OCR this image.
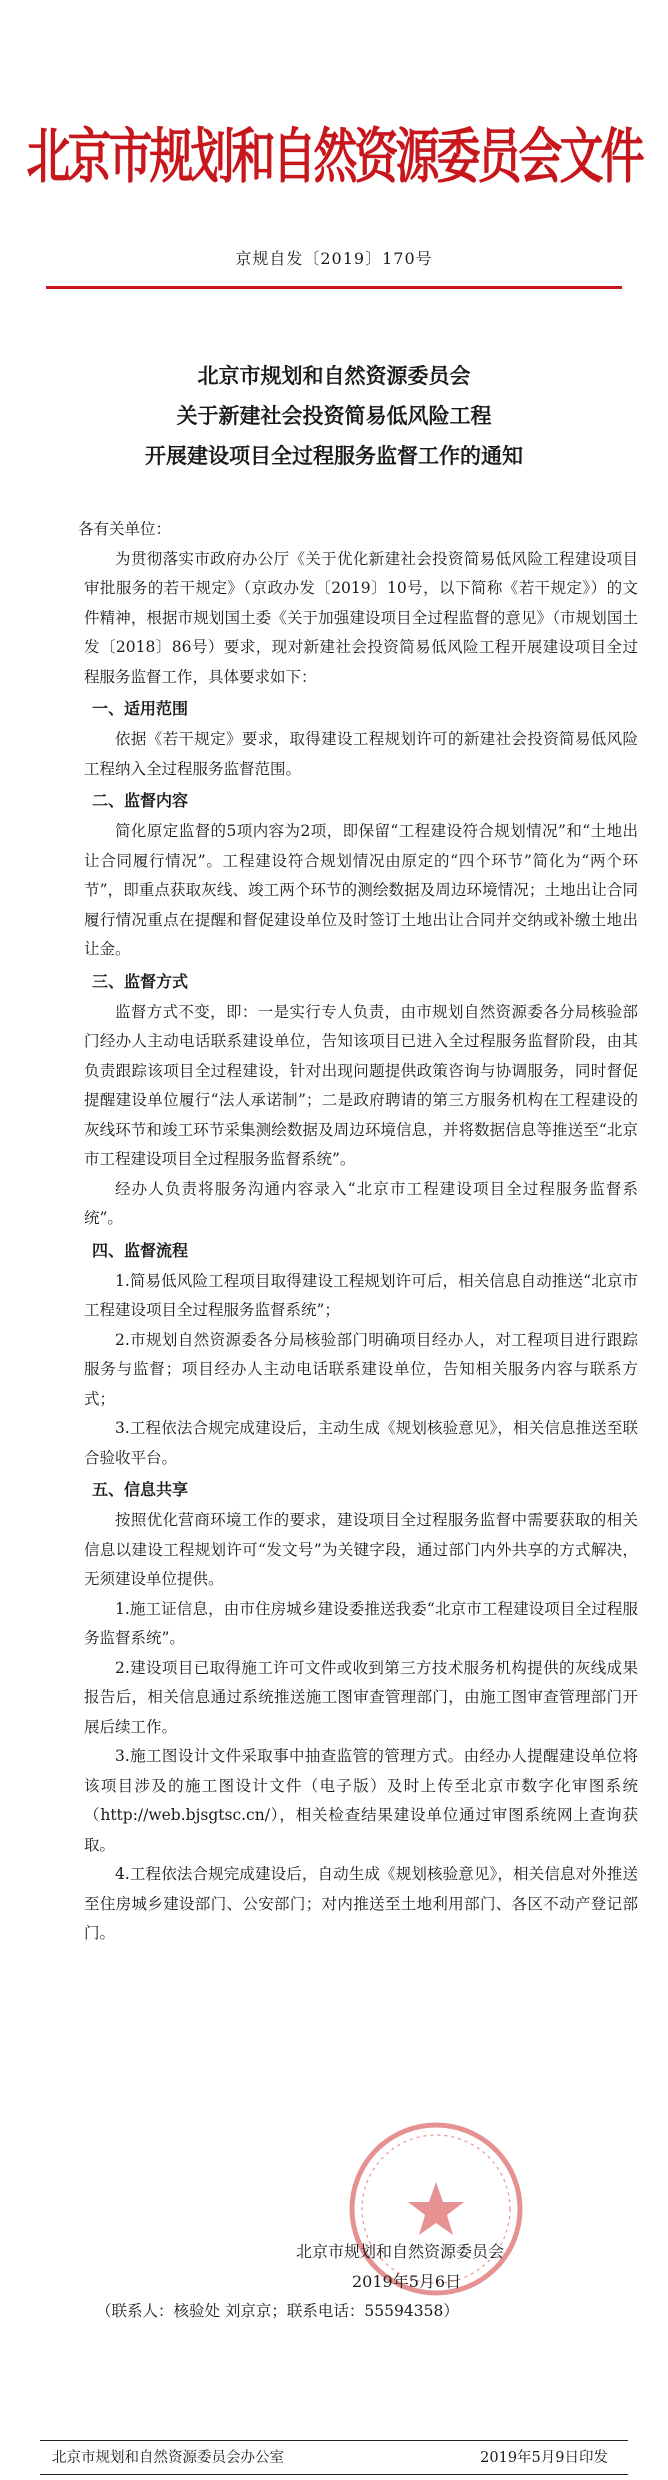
北京市规划和自然资源委员会文件
京规自发〔2019〕170号
北京市规划和自然资源委员会
关于新建社会投资简易低风险工程
开展建设项目全过程服务监督工作的通知

各有关单位：

为贯彻落实市政府办公厅《关于优化新建社会投资简易低风险工程建设项目审批服务的若干规定》（京政办发〔2019〕10号，以下简称《若干规定》）的文件精神，根据市规划国土委《关于加强建设项目全过程监督的意见》（市规划国土发〔2018〕86号）要求，现对新建社会投资简易低风险工程开展建设项目全过程服务监督工作，具体要求如下：

一、适用范围

依据《若干规定》要求，取得建设工程规划许可的新建社会投资简易低风险工程纳入全过程服务监督范围。

二、监督内容

简化原定监督的5项内容为2项，即保留“工程建设符合规划情况”和“土地出让合同履行情况”。工程建设符合规划情况由原定的“四个环节”简化为“两个环节”，即重点获取灰线、竣工两个环节的测绘数据及周边环境情况；土地出让合同履行情况重点在提醒和督促建设单位及时签订土地出让合同并交纳或补缴土地出让金。

三、监督方式

监督方式不变，即：一是实行专人负责，由市规划自然资源委各分局核验部门经办人主动电话联系建设单位，告知该项目已进入全过程服务监督阶段，由其负责跟踪该项目全过程建设，针对出现问题提供政策咨询与协调服务，同时督促提醒建设单位履行“法人承诺制”；二是政府聘请的第三方服务机构在工程建设的灰线环节和竣工环节采集测绘数据及周边环境信息，并将数据信息等推送至“北京市工程建设项目全过程服务监督系统”。

经办人负责将服务沟通内容录入“北京市工程建设项目全过程服务监督系统”。

四、监督流程

1.简易低风险工程项目取得建设工程规划许可后，相关信息自动推送“北京市工程建设项目全过程服务监督系统”；

2.市规划自然资源委各分局核验部门明确项目经办人，对工程项目进行跟踪服务与监督；项目经办人主动电话联系建设单位，告知相关服务内容与联系方式；

3.工程依法合规完成建设后，主动生成《规划核验意见》，相关信息推送至联合验收平台。

五、信息共享

按照优化营商环境工作的要求，建设项目全过程服务监督中需要获取的相关信息以建设工程规划许可“发文号”为关键字段，通过部门内外共享的方式解决，无须建设单位提供。

1.施工证信息，由市住房城乡建设委推送我委“北京市工程建设项目全过程服务监督系统”。

2.建设项目已取得施工许可文件或收到第三方技术服务机构提供的灰线成果报告后，相关信息通过系统推送施工图审查管理部门，由施工图审查管理部门开展后续工作。

3.施工图设计文件采取事中抽查监管的管理方式。由经办人提醒建设单位将该项目涉及的施工图设计文件（电子版）及时上传至北京市数字化审图系统（http://web.bjsgtsc.cn/），相关检查结果建设单位通过审图系统网上查询获取。

4.工程依法合规完成建设后，自动生成《规划核验意见》，相关信息对外推送至住房城乡建设部门、公安部门；对内推送至土地利用部门、各区不动产登记部门。

北京市规划和自然资源委员会
2019年5月6日
（联系人：核验处 刘京京；联系电话：55594358）
北京市规划和自然资源委员会办公室	2019年5月9日印发
